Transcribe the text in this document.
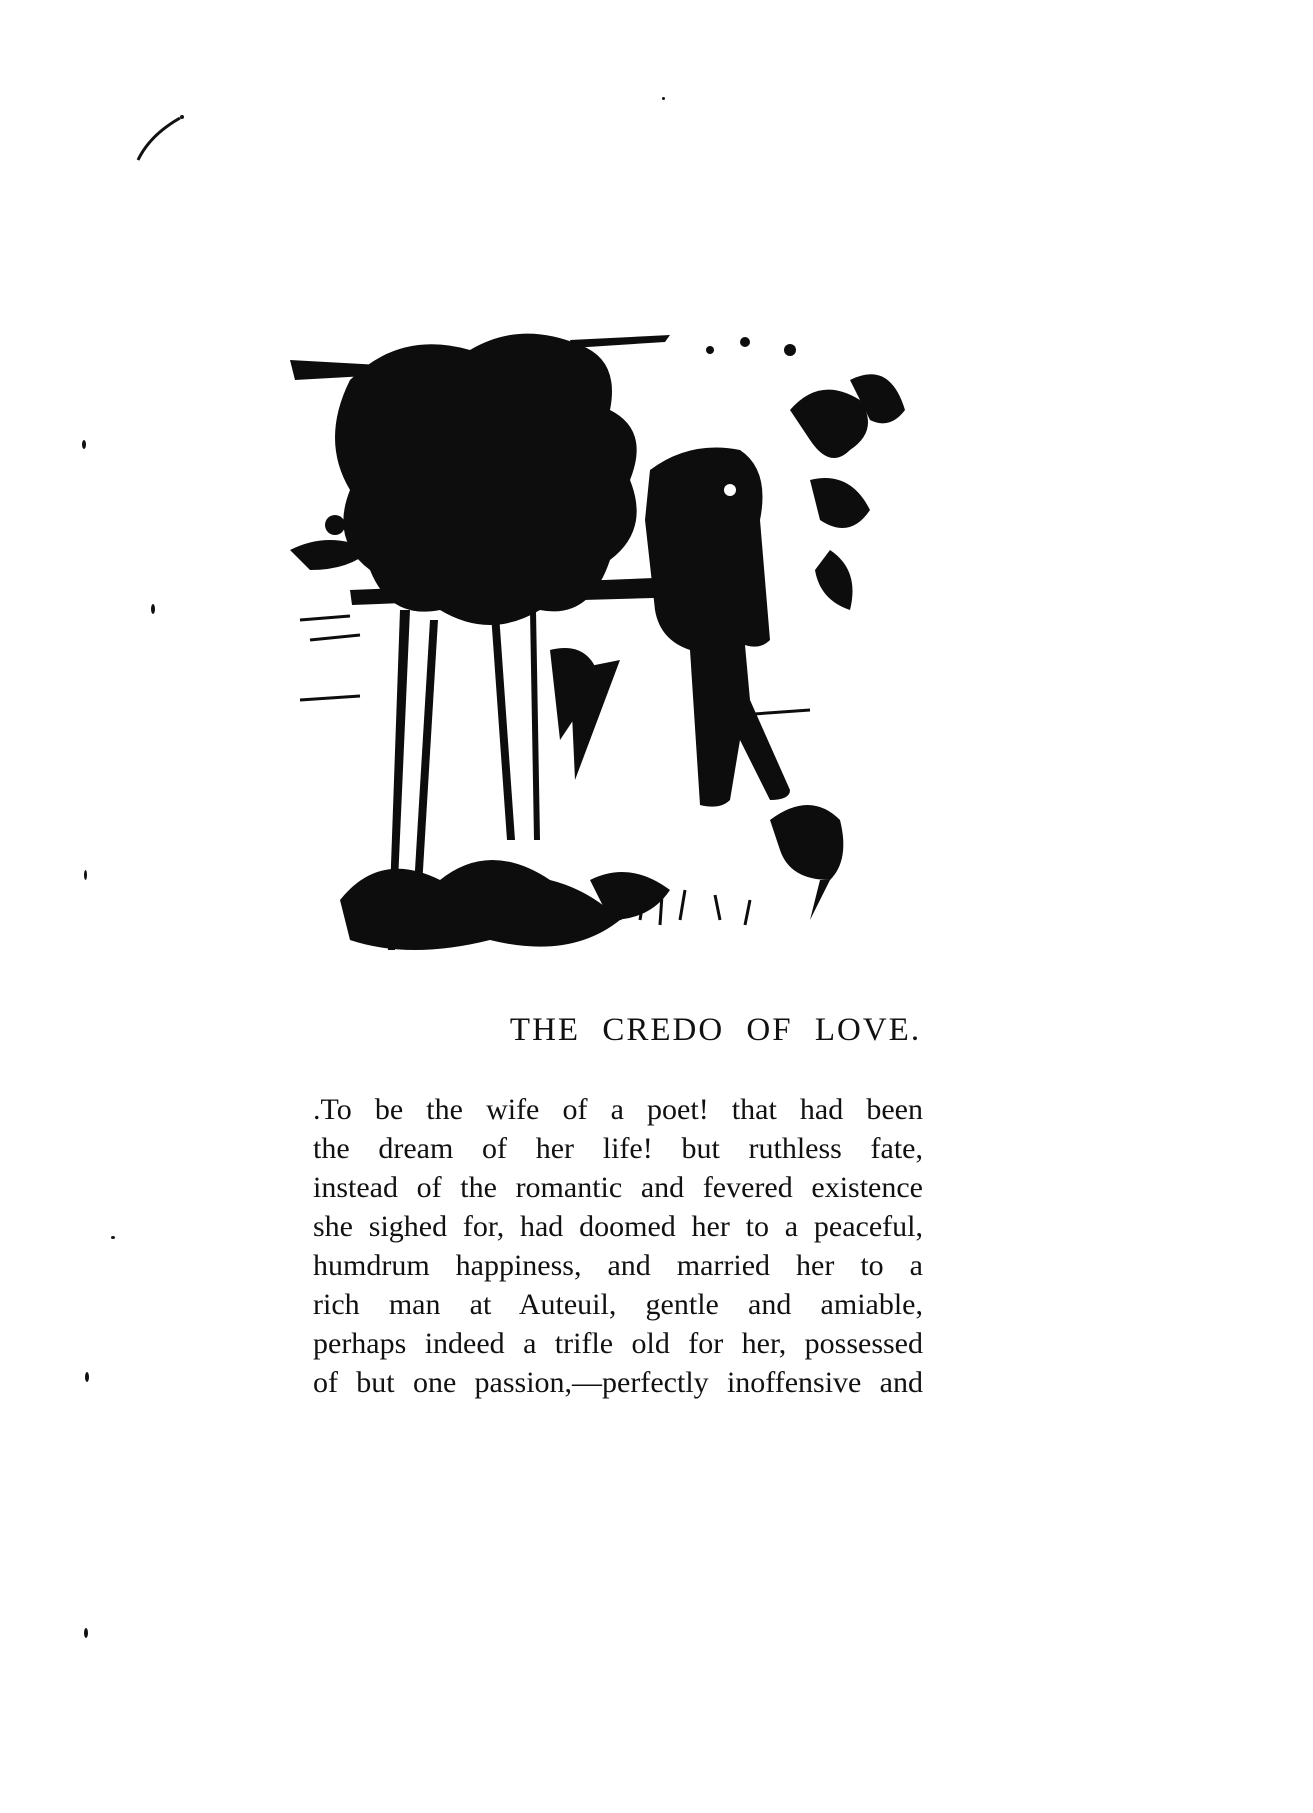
THE CREDO OF LOVE.
.To be the wife of a poet! that had been
the dream of her life! but ruthless fate,
instead of the romantic and fevered existence
she sighed for, had doomed her to a peaceful,
humdrum happiness, and married her to a
rich man at Auteuil, gentle and amiable,
perhaps indeed a trifle old for her, possessed
of but one passion,—perfectly inoffensive and
